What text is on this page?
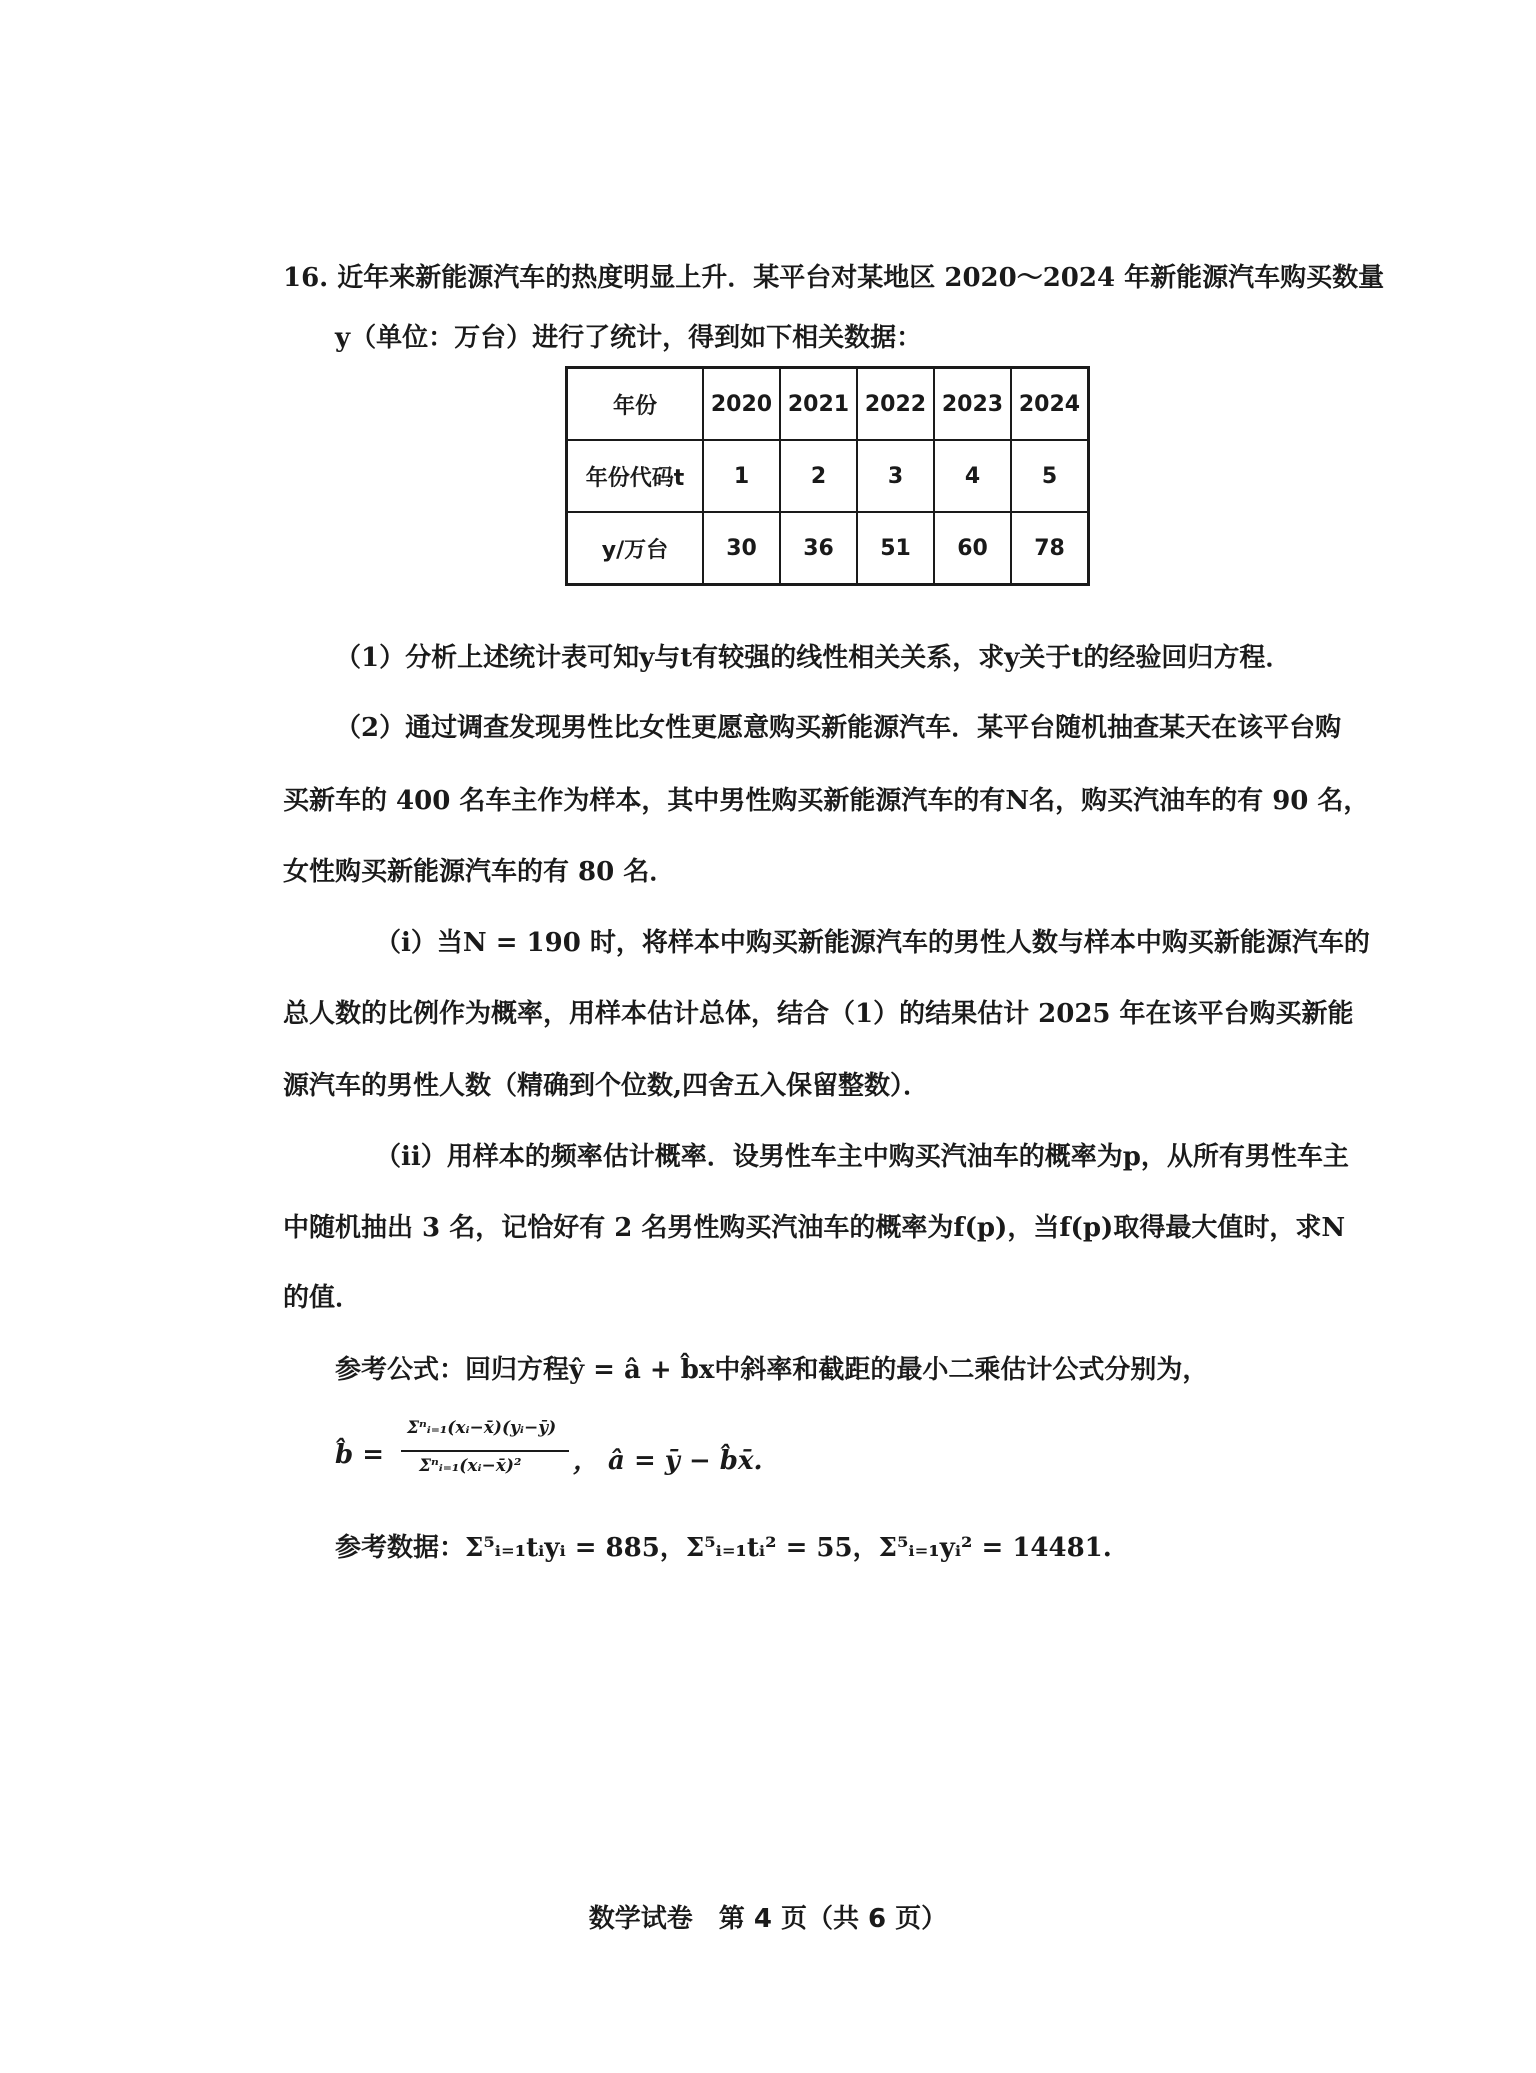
16. 近年来新能源汽车的热度明显上升．某平台对某地区 2020～2024 年新能源汽车购买数量
y（单位：万台）进行了统计，得到如下相关数据：
年份	2020	2021	2022	2023	2024
年份代码t	1	2	3	4	5
y/万台	30	36	51	60	78
（1）分析上述统计表可知y与t有较强的线性相关关系，求y关于t的经验回归方程．
（2）通过调查发现男性比女性更愿意购买新能源汽车．某平台随机抽查某天在该平台购
买新车的 400 名车主作为样本，其中男性购买新能源汽车的有N名，购买汽油车的有 90 名，
女性购买新能源汽车的有 80 名．
（i）当N = 190 时，将样本中购买新能源汽车的男性人数与样本中购买新能源汽车的
总人数的比例作为概率，用样本估计总体，结合（1）的结果估计 2025 年在该平台购买新能
源汽车的男性人数（精确到个位数,四舍五入保留整数）．
（ii）用样本的频率估计概率．设男性车主中购买汽油车的概率为p，从所有男性车主
中随机抽出 3 名，记恰好有 2 名男性购买汽油车的概率为f(p)，当f(p)取得最大值时，求N
的值．
参考公式：回归方程ŷ = â + b̂x中斜率和截距的最小二乘估计公式分别为，
b̂ =
Σⁿᵢ₌₁(xᵢ−x̄)(yᵢ−ȳ)
Σⁿᵢ₌₁(xᵢ−x̄)² ， â = ȳ − b̂x̄.
参考数据：Σ⁵ᵢ₌₁tᵢyᵢ = 885，Σ⁵ᵢ₌₁tᵢ² = 55，Σ⁵ᵢ₌₁yᵢ² = 14481.
数学试卷　第 4 页（共 6 页）
